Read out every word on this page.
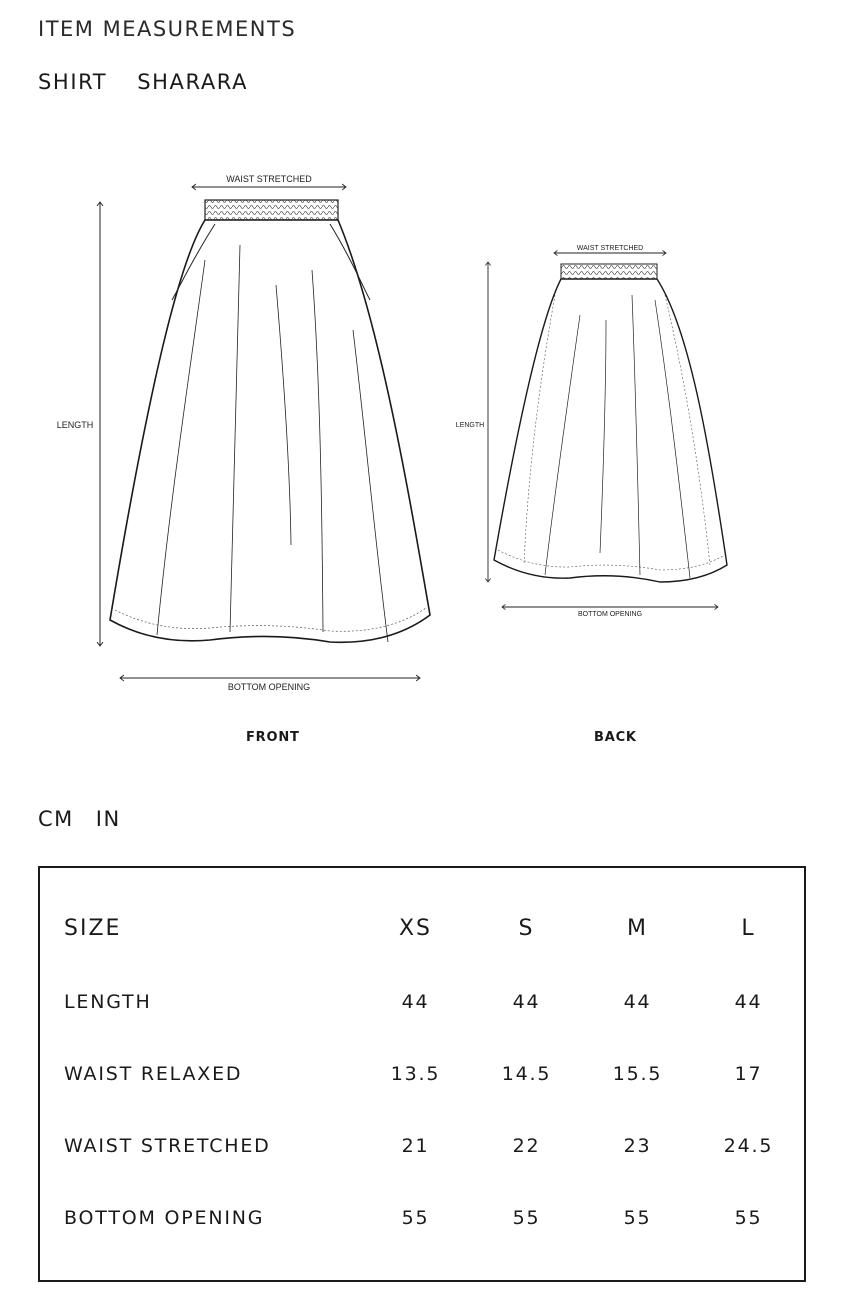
ITEM MEASUREMENTS
SHIRT SHARARA
WAIST STRETCHED
LENGTH
BOTTOM OPENING
WAIST STRETCHED
LENGTH
BOTTOM OPENING
FRONT	BACK
CM IN
SIZE	XS	S	M	L
LENGTH	44	44	44	44
WAIST RELAXED	13.5	14.5	15.5	17
WAIST STRETCHED	21	22	23	24.5
BOTTOM OPENING	55	55	55	55
